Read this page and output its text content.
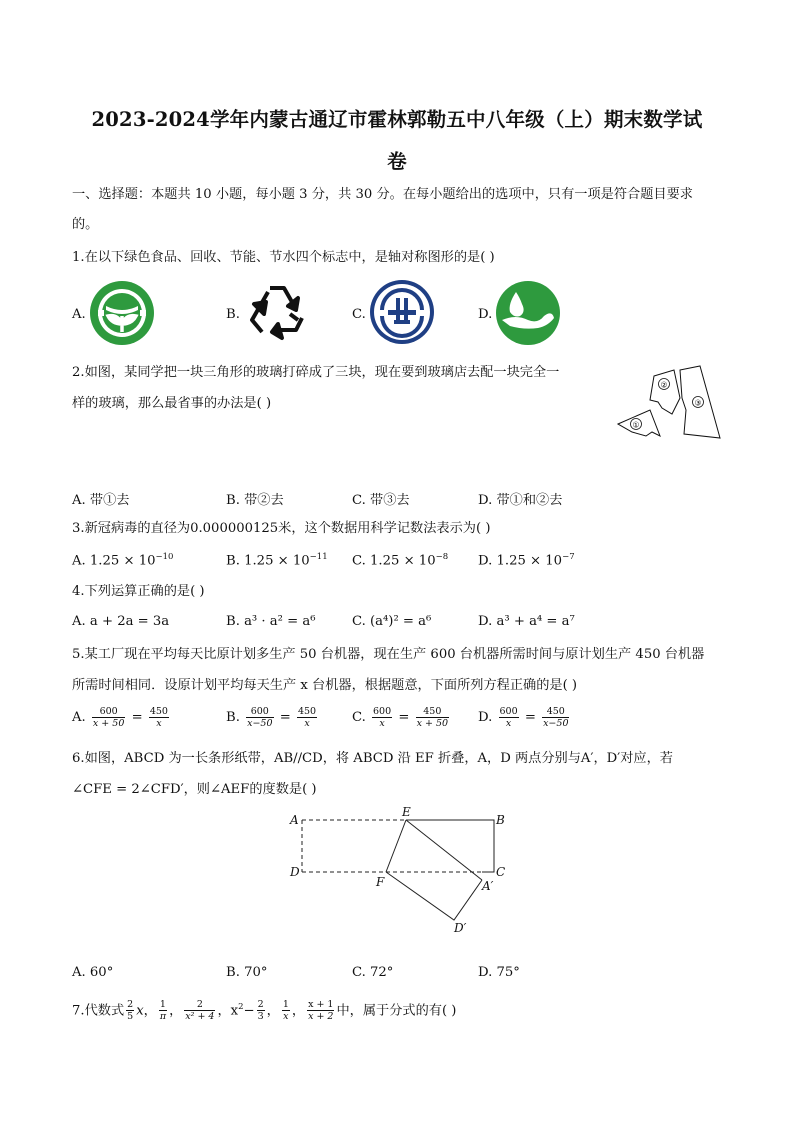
2023-2024学年内蒙古通辽市霍林郭勒五中八年级（上）期末数学试
卷
一、选择题：本题共 10 小题，每小题 3 分，共 30 分。在每小题给出的选项中，只有一项是符合题目要求
的。
1.在以下绿色食品、回收、节能、节水四个标志中，是轴对称图形的是( )
A.	B.	C.	D.
2.如图，某同学把一块三角形的玻璃打碎成了三块，现在要到玻璃店去配一块完全一
样的玻璃，那么最省事的办法是( )
①
②
③
A. 带①去	B. 带②去	C. 带③去	D. 带①和②去
3.新冠病毒的直径为0.000000125米，这个数据用科学记数法表示为( )
A. $1.25 \times 10^{-10}$	B. $1.25 \times 10^{-11}$ C. $1.25 \times 10^{-8}$ D. $1.25 \times 10^{-7}$
4.下列运算正确的是( )
A. a + 2a = 3a	B. a³ · a² = a⁶	C. (a⁴)² = a⁶	D. a³ + a⁴ = a⁷
5.某工厂现在平均每天比原计划多生产 50 台机器，现在生产 600 台机器所需时间与原计划生产 450 台机器
所需时间相同．设原计划平均每天生产 x 台机器，根据题意，下面所列方程正确的是( )
A. $\frac{600}{x + 50} = \frac{450}{x}$	B. $\frac{600}{x-50} = \frac{450}{x}$	C. $\frac{600}{x} = \frac{450}{x + 50} D$. $\frac{600}{x} = \frac{450}{x-50}$
6.如图，ABCD 为一长条形纸带，AB//CD，将 ABCD 沿 EF 折叠，A，D 两点分别与A′，D′对应，若
∠CFE = 2∠CFD′，则∠AEF的度数是( )
A
E
B
D
F
C
A′
D′
A. 60°	B. 70°	C. 72°	D. 75°
7.代数式 $\frac{2}{5}$ x， $\frac{1}{\pi}$ ， $\frac{2}{\text{x² + 4}}$ ，$x^2- \frac{2}{3}$ ， $\frac{1}{x}$ ， $\frac{x + 1}{x + 2}$ 中，属于分式的有( )
